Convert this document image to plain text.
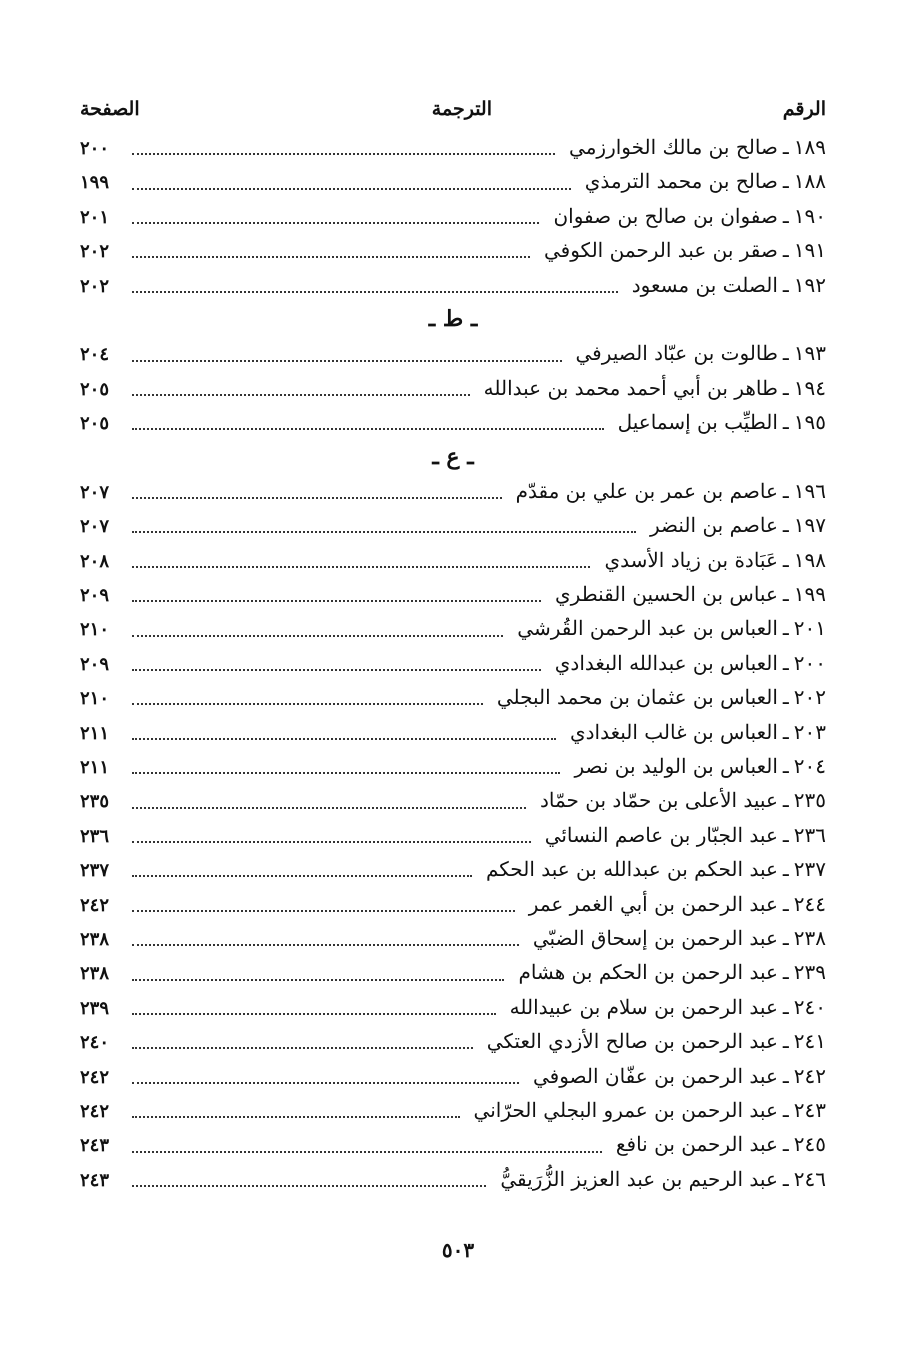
الرقم
الترجمة
الصفحة
١٨٩
ـ
صالح بن مالك الخوارزمي
٢٠٠
١٨٨
ـ
صالح بن محمد الترمذي
١٩٩
١٩٠
ـ
صفوان بن صالح بن صفوان
٢٠١
١٩١
ـ
صقر بن عبد الرحمن الكوفي
٢٠٢
١٩٢
ـ
الصلت بن مسعود
٢٠٢
ـ ط ـ
١٩٣
ـ
طالوت بن عبّاد الصيرفي
٢٠٤
١٩٤
ـ
طاهر بن أبي أحمد محمد بن عبدالله
٢٠٥
١٩٥
ـ
الطيِّب بن إسماعيل
٢٠٥
ـ ع ـ
١٩٦
ـ
عاصم بن عمر بن علي بن مقدّم
٢٠٧
١٩٧
ـ
عاصم بن النضر
٢٠٧
١٩٨
ـ
عَبَادة بن زياد الأسدي
٢٠٨
١٩٩
ـ
عباس بن الحسين القنطري
٢٠٩
٢٠١
ـ
العباس بن عبد الرحمن القُرشي
٢١٠
٢٠٠
ـ
العباس بن عبدالله البغدادي
٢٠٩
٢٠٢
ـ
العباس بن عثمان بن محمد البجلي
٢١٠
٢٠٣
ـ
العباس بن غالب البغدادي
٢١١
٢٠٤
ـ
العباس بن الوليد بن نصر
٢١١
٢٣٥
ـ
عبيد الأعلى بن حمّاد بن حمّاد
٢٣٥
٢٣٦
ـ
عبد الجبّار بن عاصم النسائي
٢٣٦
٢٣٧
ـ
عبد الحكم بن عبدالله بن عبد الحكم
٢٣٧
٢٤٤
ـ
عبد الرحمن بن أبي الغمر عمر
٢٤٢
٢٣٨
ـ
عبد الرحمن بن إسحاق الضبّي
٢٣٨
٢٣٩
ـ
عبد الرحمن بن الحكم بن هشام
٢٣٨
٢٤٠
ـ
عبد الرحمن بن سلام بن عبيدالله
٢٣٩
٢٤١
ـ
عبد الرحمن بن صالح الأزدي العتكي
٢٤٠
٢٤٢
ـ
عبد الرحمن بن عفّان الصوفي
٢٤٢
٢٤٣
ـ
عبد الرحمن بن عمرو البجلي الحرّاني
٢٤٢
٢٤٥
ـ
عبد الرحمن بن نافع
٢٤٣
٢٤٦
ـ
عبد الرحيم بن عبد العزيز الزُّرَيقيُّ
٢٤٣
٥٠٣
